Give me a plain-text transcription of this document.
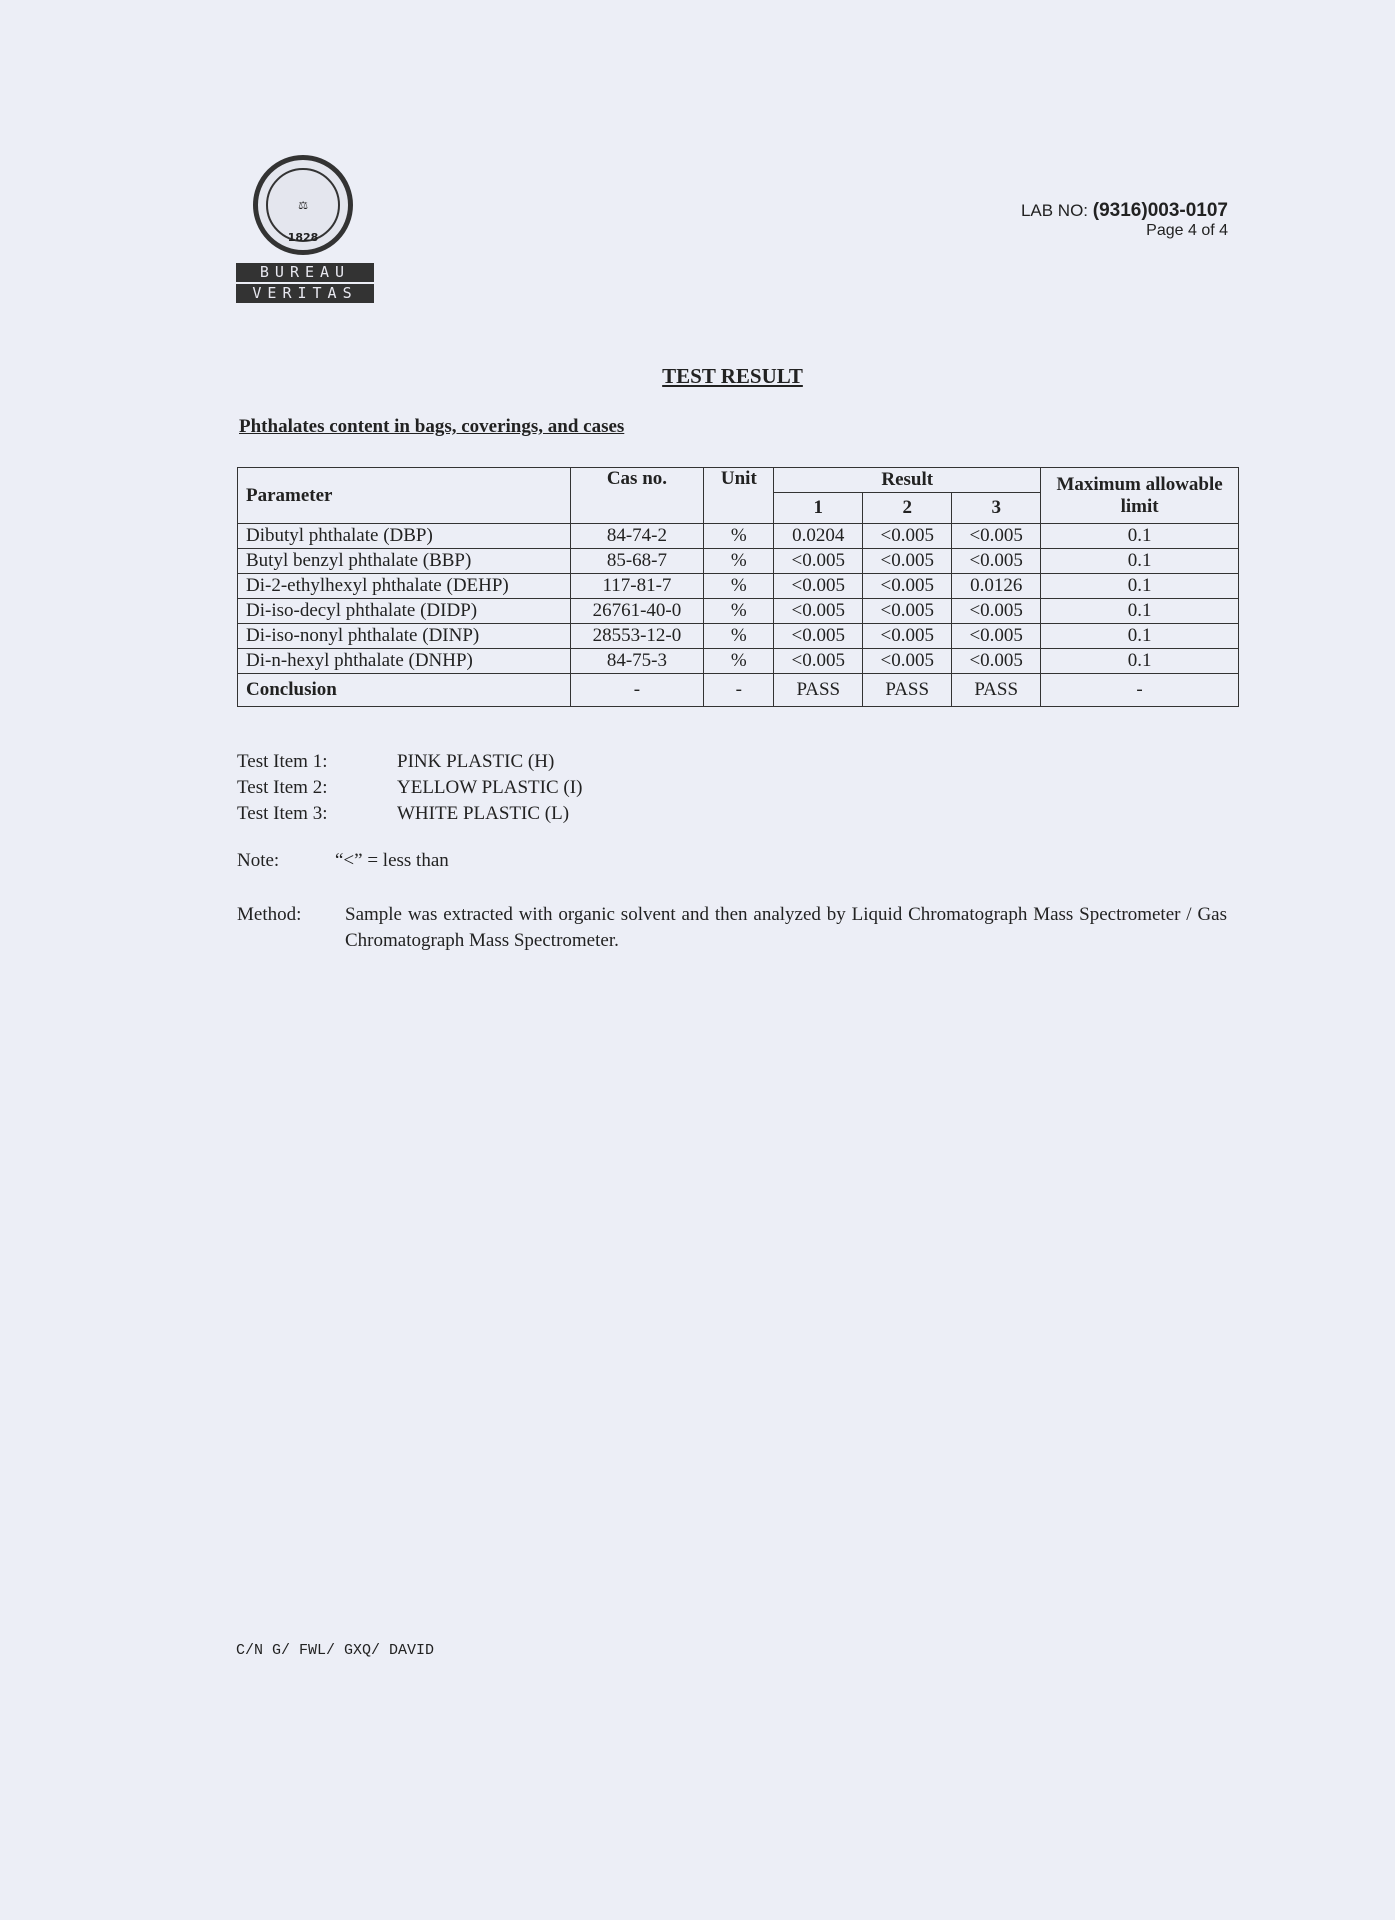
⚖
1828
BUREAU
VERITAS
LAB NO: (9316)003-0107
Page 4 of 4
TEST RESULT
Phthalates content in bags, coverings, and cases
Parameter	Cas no.	Unit	Result			Maximum allowable limit
			1	2	3	
Dibutyl phthalate (DBP)	84-74-2	%	0.0204	<0.005	<0.005	0.1
Butyl benzyl phthalate (BBP)	85-68-7	%	<0.005	<0.005	<0.005	0.1
Di-2-ethylhexyl phthalate (DEHP)	117-81-7	%	<0.005	<0.005	0.0126	0.1
Di-iso-decyl phthalate (DIDP)	26761-40-0	%	<0.005	<0.005	<0.005	0.1
Di-iso-nonyl phthalate (DINP)	28553-12-0	%	<0.005	<0.005	<0.005	0.1
Di-n-hexyl phthalate (DNHP)	84-75-3	%	<0.005	<0.005	<0.005	0.1
Conclusion	-	-	PASS	PASS	PASS	-
Test Item 1:	PINK PLASTIC (H)
Test Item 2:	YELLOW PLASTIC (I)
Test Item 3:	WHITE PLASTIC (L)
Note:	“<” = less than
Method:	Sample was extracted with organic solvent and then analyzed by Liquid Chromatograph Mass Spectrometer / Gas Chromatograph Mass Spectrometer.
C/N G/ FWL/ GXQ/ DAVID
